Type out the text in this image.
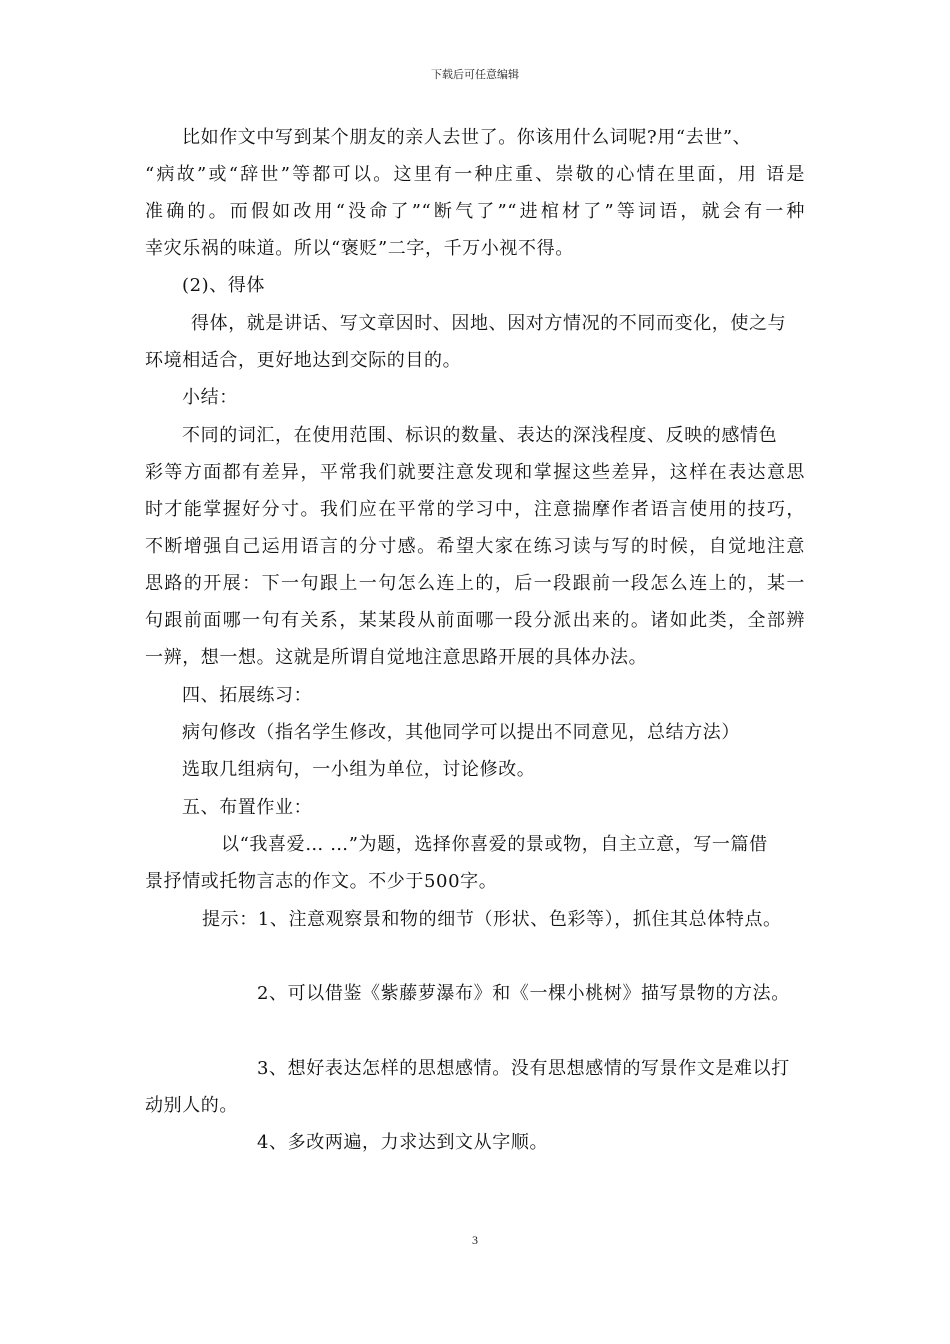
下载后可任意编辑
比如作文中写到某个朋友的亲人去世了。你该用什么词呢?用“去世”、
“病故”或“辞世”等都可以。这里有一种庄重、崇敬的心情在里面，用 语是
准确的。而假如改用“没命了”“断气了”“进棺材了”等词语，就会有一种
幸灾乐祸的味道。所以“褒贬”二字，千万小视不得。
(2)、得体
得体，就是讲话、写文章因时、因地、因对方情况的不同而变化，使之与
环境相适合，更好地达到交际的目的。
小结：
不同的词汇，在使用范围、标识的数量、表达的深浅程度、反映的感情色
彩等方面都有差异，平常我们就要注意发现和掌握这些差异，这样在表达意思
时才能掌握好分寸。我们应在平常的学习中，注意揣摩作者语言使用的技巧，
不断增强自己运用语言的分寸感。希望大家在练习读与写的时候，自觉地注意
思路的开展：下一句跟上一句怎么连上的，后一段跟前一段怎么连上的，某一
句跟前面哪一句有关系，某某段从前面哪一段分派出来的。诸如此类，全部辨
一辨，想一想。这就是所谓自觉地注意思路开展的具体办法。
四、拓展练习：
病句修改（指名学生修改，其他同学可以提出不同意见，总结方法）
选取几组病句，一小组为单位，讨论修改。
五、布置作业：
以“我喜爱… …”为题，选择你喜爱的景或物，自主立意，写一篇借
景抒情或托物言志的作文。不少于500字。
提示：1、注意观察景和物的细节（形状、色彩等），抓住其总体特点。
2、可以借鉴《紫藤萝瀑布》和《一棵小桃树》描写景物的方法。
3、想好表达怎样的思想感情。没有思想感情的写景作文是难以打
动别人的。
4、多改两遍，力求达到文从字顺。
3
